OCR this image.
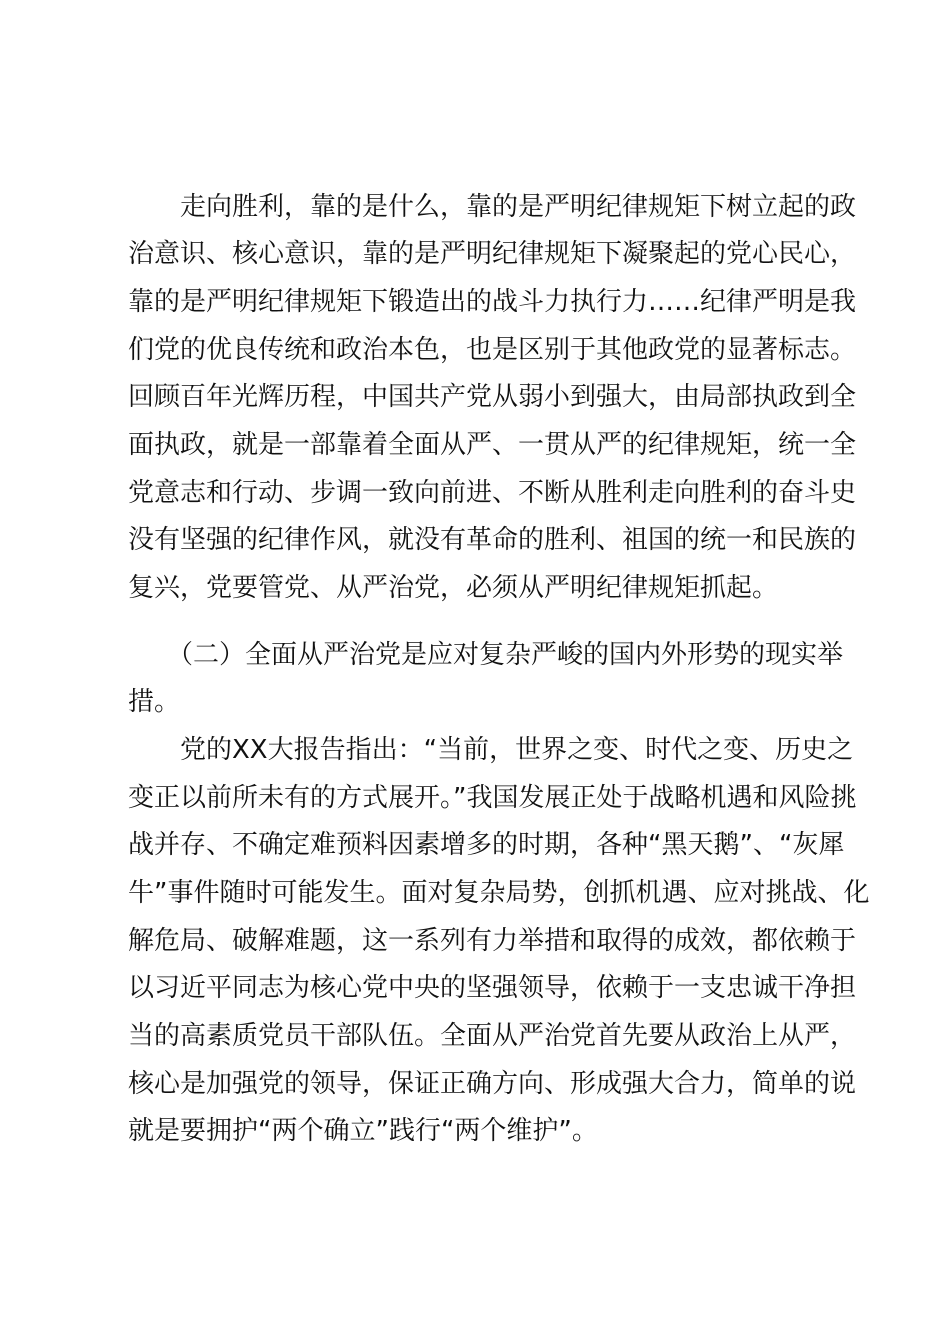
　　走向胜利，靠的是什么，靠的是严明纪律规矩下树立起的政
治意识、核心意识，靠的是严明纪律规矩下凝聚起的党心民心，
靠的是严明纪律规矩下锻造出的战斗力执行力……纪律严明是我
们党的优良传统和政治本色，也是区别于其他政党的显著标志。
回顾百年光辉历程，中国共产党从弱小到强大，由局部执政到全
面执政，就是一部靠着全面从严、一贯从严的纪律规矩，统一全
党意志和行动、步调一致向前进、不断从胜利走向胜利的奋斗史
没有坚强的纪律作风，就没有革命的胜利、祖国的统一和民族的
复兴，党要管党、从严治党，必须从严明纪律规矩抓起。
　　（二）全面从严治党是应对复杂严峻的国内外形势的现实举
措。
　　党的XX大报告指出：“当前，世界之变、时代之变、历史之
变正以前所未有的方式展开。”我国发展正处于战略机遇和风险挑
战并存、不确定难预料因素增多的时期，各种“黑天鹅”、“灰犀
牛”事件随时可能发生。面对复杂局势，创抓机遇、应对挑战、化
解危局、破解难题，这一系列有力举措和取得的成效，都依赖于
以习近平同志为核心党中央的坚强领导，依赖于一支忠诚干净担
当的高素质党员干部队伍。全面从严治党首先要从政治上从严，
核心是加强党的领导，保证正确方向、形成强大合力，简单的说
就是要拥护“两个确立”践行“两个维护”。
